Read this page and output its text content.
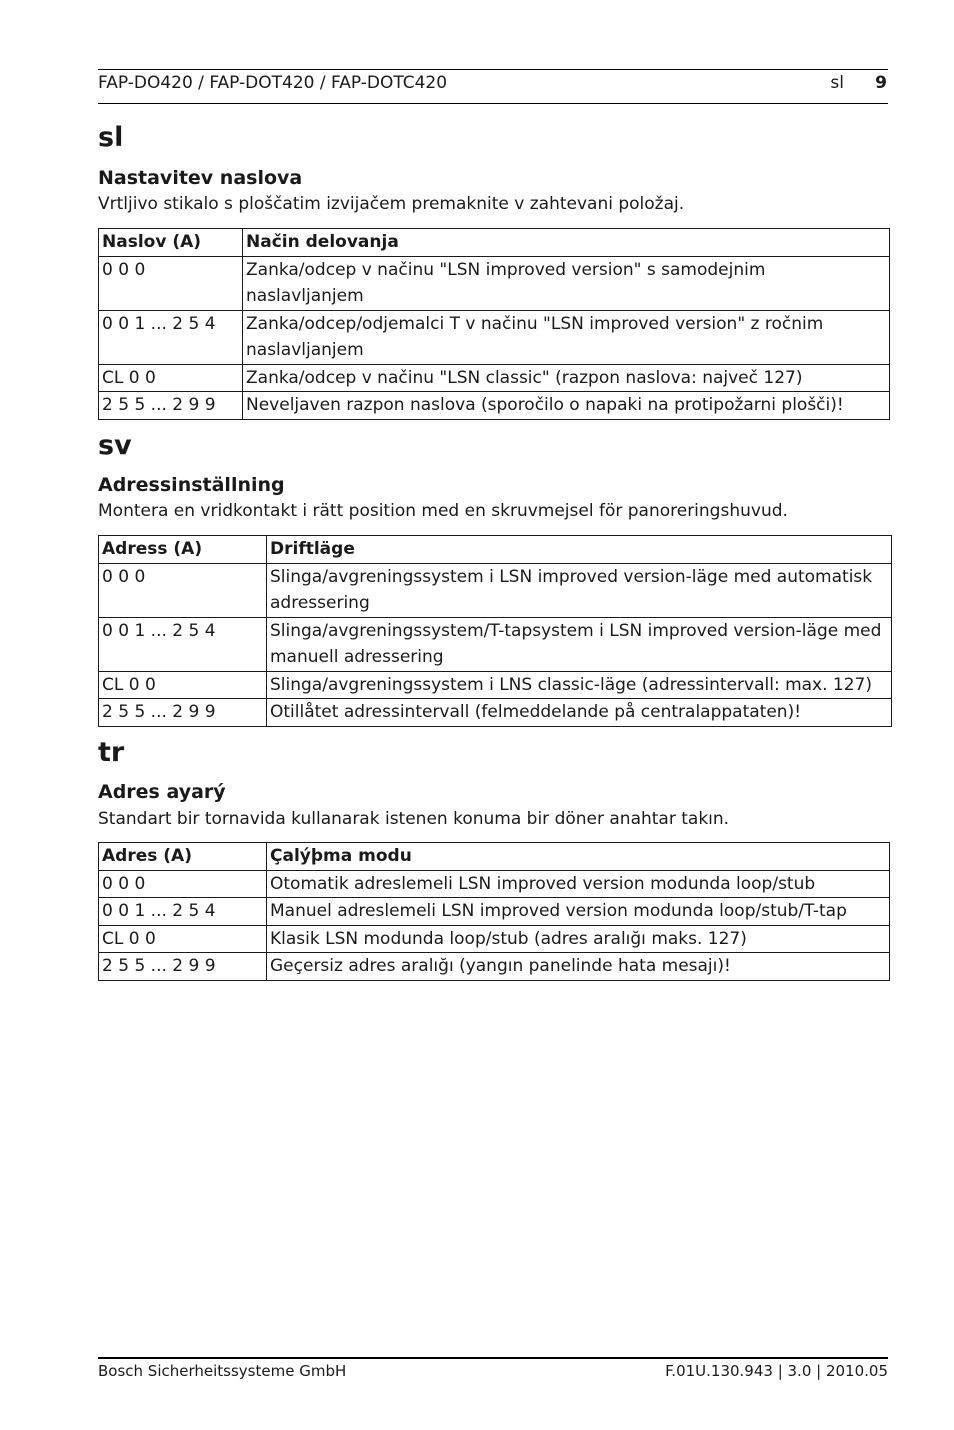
FAP-DO420 / FAP-DOT420 / FAP-DOTC420	sl 9
sl
Nastavitev naslova
Vrtljivo stikalo s ploščatim izvijačem premaknite v zahtevani položaj.
Naslov (A)	Način delovanja
0 0 0	Zanka/odcep v načinu "LSN improved version" s samodejnim naslavljanjem
0 0 1 ... 2 5 4	Zanka/odcep/odjemalci T v načinu "LSN improved version" z ročnim naslavljanjem
CL 0 0	Zanka/odcep v načinu "LSN classic" (razpon naslova: največ 127)
2 5 5 ... 2 9 9	Neveljaven razpon naslova (sporočilo o napaki na protipožarni plošči)!
sv
Adressinställning
Montera en vridkontakt i rätt position med en skruvmejsel för panoreringshuvud.
Adress (A)	Driftläge
0 0 0	Slinga/avgreningssystem i LSN improved version-läge med automatisk adressering
0 0 1 ... 2 5 4	Slinga/avgreningssystem/T-tapsystem i LSN improved version-läge med manuell adressering
CL 0 0	Slinga/avgreningssystem i LNS classic-läge (adressintervall: max. 127)
2 5 5 ... 2 9 9	Otillåtet adressintervall (felmeddelande på centralappataten)!
tr
Adres ayarý
Standart bir tornavida kullanarak istenen konuma bir döner anahtar takın.
Adres (A)	Çalýþma modu
0 0 0	Otomatik adreslemeli LSN improved version modunda loop/stub
0 0 1 ... 2 5 4	Manuel adreslemeli LSN improved version modunda loop/stub/T-tap
CL 0 0	Klasik LSN modunda loop/stub (adres aralığı maks. 127)
2 5 5 ... 2 9 9	Geçersiz adres aralığı (yangın panelinde hata mesajı)!
Bosch Sicherheitssysteme GmbH	F.01U.130.943 | 3.0 | 2010.05
